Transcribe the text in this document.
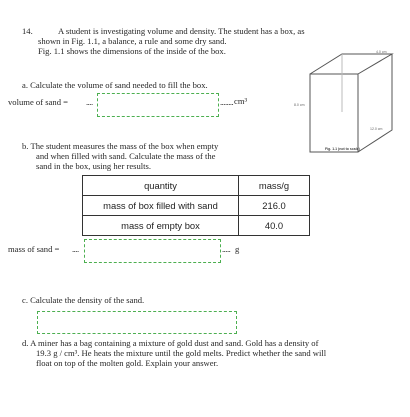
14.	A student is investigating volume and density. The student has a box, as
shown in Fig. 1.1, a balance, a rule and some dry sand.
Fig. 1.1 shows the dimensions of the inside of the box.	4.0 cm
8.0 cm
12.0 cm
Fig. 1.1 (not to scale)
a. Calculate the volume of sand needed to fill the box.
volume of sand = ....	........ cm³
b. The student measures the mass of the box when empty
and when filled with sand. Calculate the mass of the
sand in the box, using her results.
quantity	mass/g
mass of box filled with sand	216.0
mass of empty box	40.0
mass of sand = ....	..... g
c. Calculate the density of the sand.
d. A miner has a bag containing a mixture of gold dust and sand. Gold has a density of
19.3 g / cm³. He heats the mixture until the gold melts. Predict whether the sand will
float on top of the molten gold. Explain your answer.
